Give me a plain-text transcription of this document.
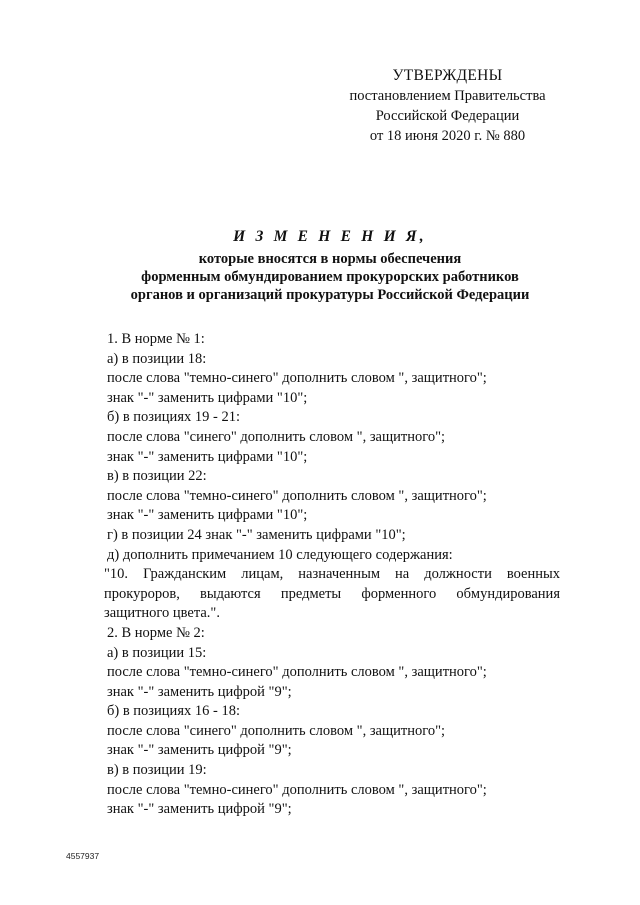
УТВЕРЖДЕНЫ
постановлением Правительства
Российской Федерации
от 18 июня 2020 г. № 880
И З М Е Н Е Н И Я,
которые вносятся в нормы обеспечения
форменным обмундированием прокурорских работников
органов и организаций прокуратуры Российской Федерации
1. В норме № 1:
а) в позиции 18:
после слова "темно-синего" дополнить словом ", защитного";
знак "-" заменить цифрами "10";
б) в позициях 19 - 21:
после слова "синего" дополнить словом ", защитного";
знак "-" заменить цифрами "10";
в) в позиции 22:
после слова "темно-синего" дополнить словом ", защитного";
знак "-" заменить цифрами "10";
г) в позиции 24 знак "-" заменить цифрами "10";
д) дополнить примечанием 10 следующего содержания:
"10. Гражданским лицам, назначенным на должности военных прокуроров, выдаются предметы форменного обмундирования защитного цвета.".
2. В норме № 2:
а) в позиции 15:
после слова "темно-синего" дополнить словом ", защитного";
знак "-" заменить цифрой "9";
б) в позициях 16 - 18:
после слова "синего" дополнить словом ", защитного";
знак "-" заменить цифрой "9";
в) в позиции 19:
после слова "темно-синего" дополнить словом ", защитного";
знак "-" заменить цифрой "9";
4557937
